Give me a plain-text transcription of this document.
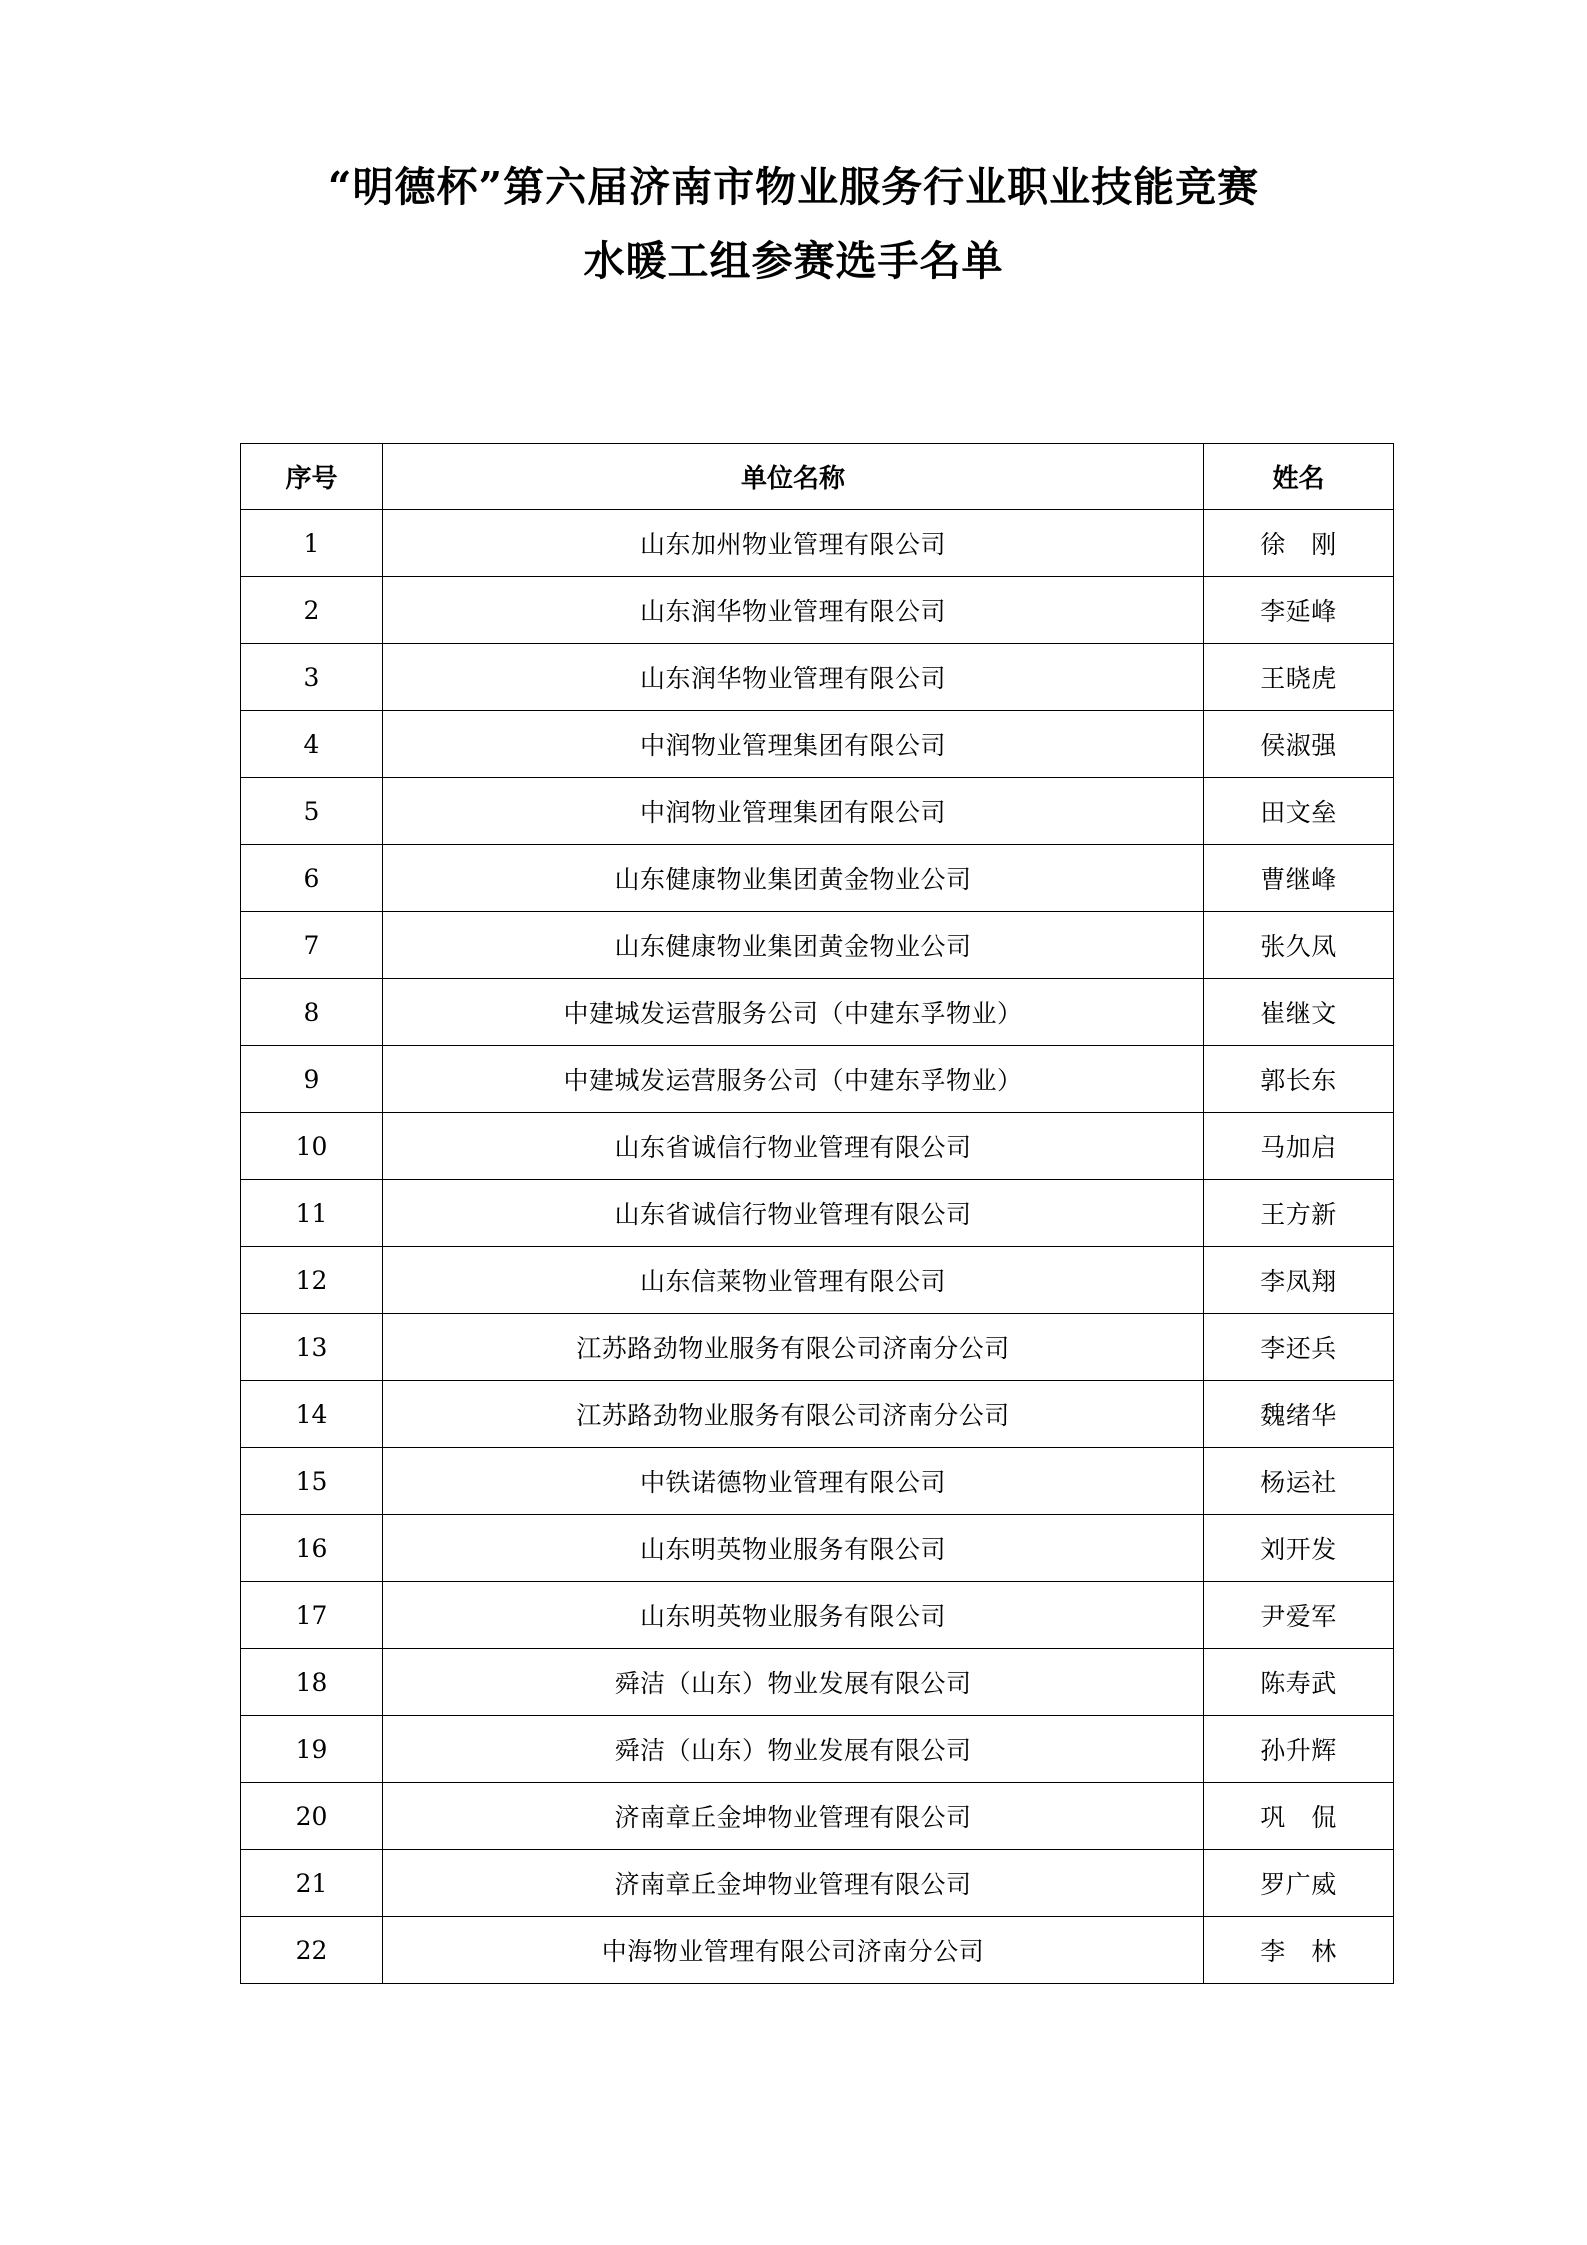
“明德杯”第六届济南市物业服务行业职业技能竞赛
水暖工组参赛选手名单
序号	单位名称	姓名
1	山东加州物业管理有限公司	徐　刚
2	山东润华物业管理有限公司	李延峰
3	山东润华物业管理有限公司	王晓虎
4	中润物业管理集团有限公司	侯淑强
5	中润物业管理集团有限公司	田文垒
6	山东健康物业集团黄金物业公司	曹继峰
7	山东健康物业集团黄金物业公司	张久凤
8	中建城发运营服务公司（中建东孚物业）	崔继文
9	中建城发运营服务公司（中建东孚物业）	郭长东
10	山东省诚信行物业管理有限公司	马加启
11	山东省诚信行物业管理有限公司	王方新
12	山东信莱物业管理有限公司	李凤翔
13	江苏路劲物业服务有限公司济南分公司	李还兵
14	江苏路劲物业服务有限公司济南分公司	魏绪华
15	中铁诺德物业管理有限公司	杨运社
16	山东明英物业服务有限公司	刘开发
17	山东明英物业服务有限公司	尹爱军
18	舜洁（山东）物业发展有限公司	陈寿武
19	舜洁（山东）物业发展有限公司	孙升辉
20	济南章丘金坤物业管理有限公司	巩　侃
21	济南章丘金坤物业管理有限公司	罗广威
22	中海物业管理有限公司济南分公司	李　林
